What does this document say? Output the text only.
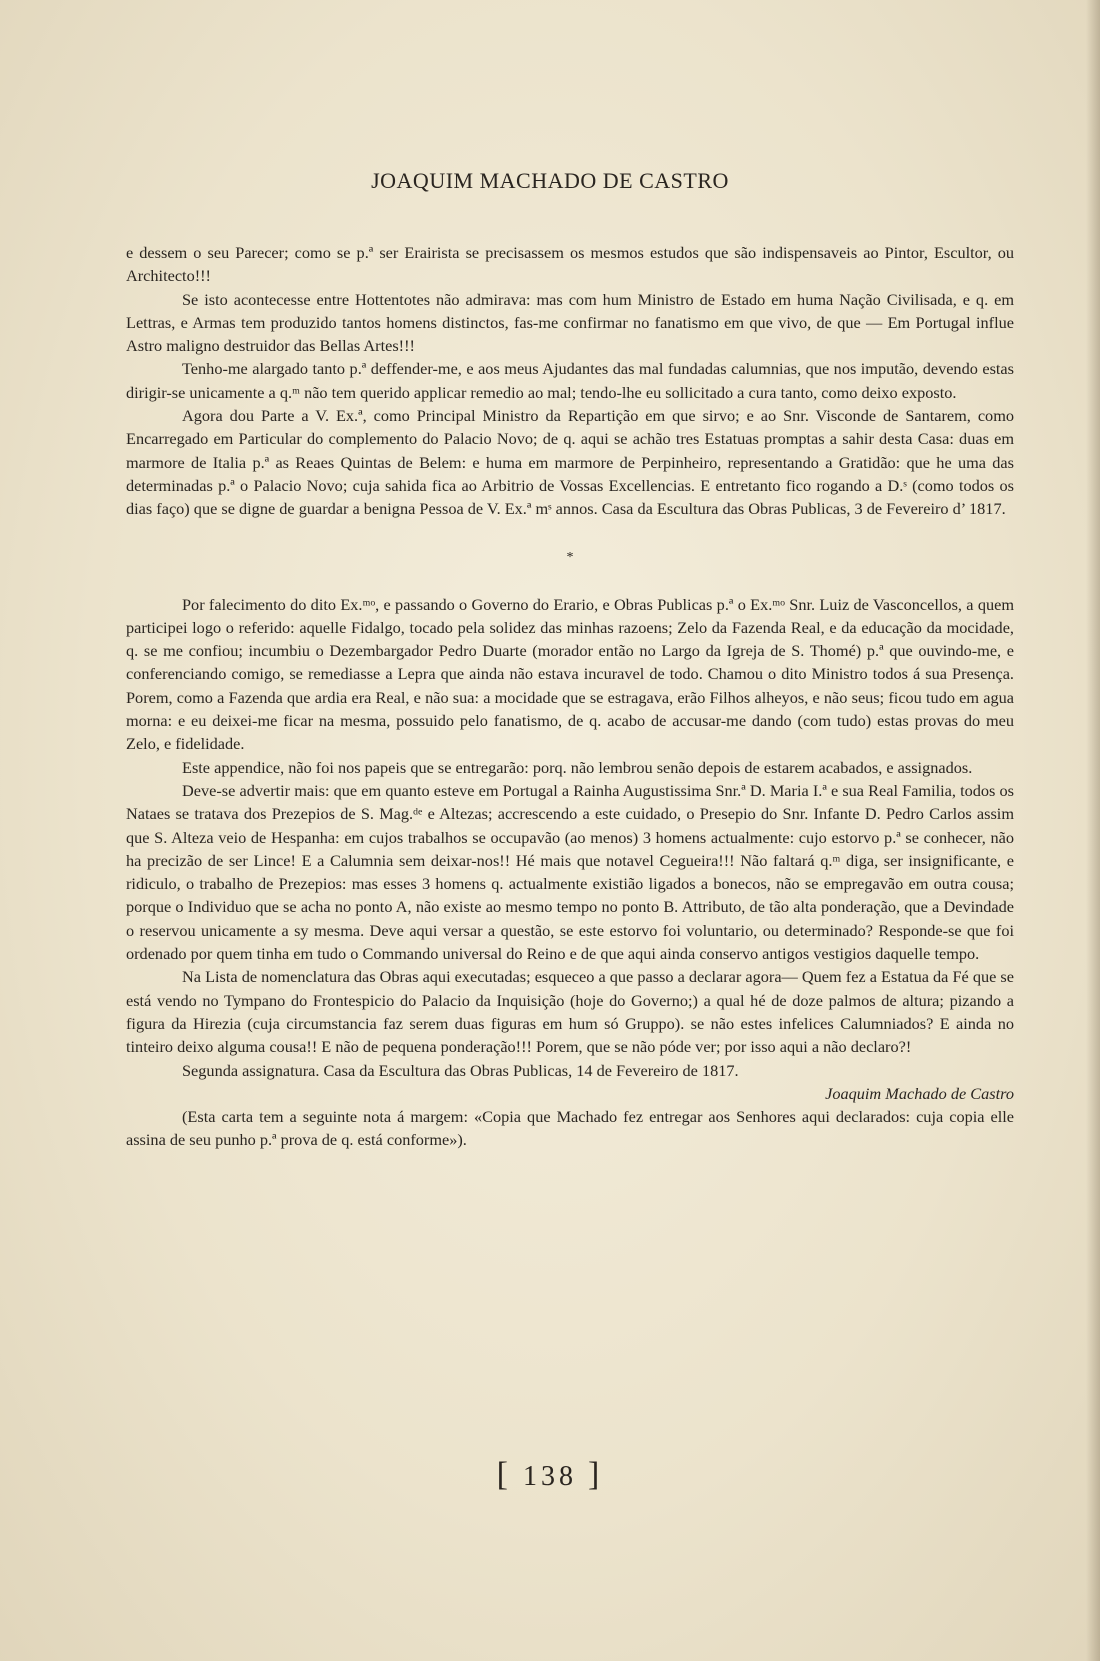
JOAQUIM MACHADO DE CASTRO

e dessem o seu Parecer; como se p.ª ser Erairista se precisassem os mesmos estudos que são indispensaveis ao Pintor, Escultor, ou Architecto!!!

Se isto acontecesse entre Hottentotes não admirava: mas com hum Ministro de Estado em huma Nação Civilisada, e q. em Lettras, e Armas tem produzido tantos homens distinctos, fas-me confirmar no fanatismo em que vivo, de que — Em Portugal influe Astro maligno destruidor das Bellas Artes!!!

Tenho-me alargado tanto p.ª deffender-me, e aos meus Ajudantes das mal fundadas calumnias, que nos imputão, devendo estas dirigir-se unicamente a q.ᵐ não tem querido applicar remedio ao mal; tendo-lhe eu sollicitado a cura tanto, como deixo exposto.

Agora dou Parte a V. Ex.ª, como Principal Ministro da Repartição em que sirvo; e ao Snr. Visconde de Santarem, como Encarregado em Particular do complemento do Palacio Novo; de q. aqui se achão tres Estatuas promptas a sahir desta Casa: duas em marmore de Italia p.ª as Reaes Quintas de Belem: e huma em marmore de Perpinheiro, representando a Gratidão: que he uma das determinadas p.ª o Palacio Novo; cuja sahida fica ao Arbitrio de Vossas Excellencias. E entretanto fico rogando a D.ˢ (como todos os dias faço) que se digne de guardar a benigna Pessoa de V. Ex.ª mˢ annos. Casa da Escultura das Obras Publicas, 3 de Fevereiro d’ 1817.

*

Por falecimento do dito Ex.ᵐᵒ, e passando o Governo do Erario, e Obras Publicas p.ª o Ex.ᵐᵒ Snr. Luiz de Vasconcellos, a quem participei logo o referido: aquelle Fidalgo, tocado pela solidez das minhas razoens; Zelo da Fazenda Real, e da educação da mocidade, q. se me confiou; incumbiu o Dezembargador Pedro Duarte (morador então no Largo da Igreja de S. Thomé) p.ª que ouvindo-me, e conferenciando comigo, se remediasse a Lepra que ainda não estava incuravel de todo. Chamou o dito Ministro todos á sua Presença. Porem, como a Fazenda que ardia era Real, e não sua: a mocidade que se estragava, erão Filhos alheyos, e não seus; ficou tudo em agua morna: e eu deixei-me ficar na mesma, possuido pelo fanatismo, de q. acabo de accusar-me dando (com tudo) estas provas do meu Zelo, e fidelidade.

Este appendice, não foi nos papeis que se entregarão: porq. não lembrou senão depois de estarem acabados, e assignados.

Deve-se advertir mais: que em quanto esteve em Portugal a Rainha Augustissima Snr.ª D. Maria I.ª e sua Real Familia, todos os Nataes se tratava dos Prezepios de S. Mag.ᵈᵉ e Altezas; accrescendo a este cuidado, o Presepio do Snr. Infante D. Pedro Carlos assim que S. Alteza veio de Hespanha: em cujos trabalhos se occupavão (ao menos) 3 homens actualmente: cujo estorvo p.ª se conhecer, não ha precizão de ser Lince! E a Calumnia sem deixar-nos!! Hé mais que notavel Cegueira!!! Não faltará q.ᵐ diga, ser insignificante, e ridiculo, o trabalho de Prezepios: mas esses 3 homens q. actualmente existião ligados a bonecos, não se empregavão em outra cousa; porque o Individuo que se acha no ponto A, não existe ao mesmo tempo no ponto B. Attributo, de tão alta ponderação, que a Devindade o reservou unicamente a sy mesma. Deve aqui versar a questão, se este estorvo foi voluntario, ou determinado? Responde-se que foi ordenado por quem tinha em tudo o Commando universal do Reino e de que aqui ainda conservo antigos vestigios daquelle tempo.

Na Lista de nomenclatura das Obras aqui executadas; esqueceo a que passo a declarar agora— Quem fez a Estatua da Fé que se está vendo no Tympano do Frontespicio do Palacio da Inquisição (hoje do Governo;) a qual hé de doze palmos de altura; pizando a figura da Hirezia (cuja circumstancia faz serem duas figuras em hum só Gruppo). se não estes infelices Calumniados? E ainda no tinteiro deixo alguma cousa!! E não de pequena ponderação!!! Porem, que se não póde ver; por isso aqui a não declaro?!

Segunda assignatura. Casa da Escultura das Obras Publicas, 14 de Fevereiro de 1817.

Joaquim Machado de Castro

(Esta carta tem a seguinte nota á margem: «Copia que Machado fez entregar aos Senhores aqui declarados: cuja copia elle assina de seu punho p.ª prova de q. está conforme»).

[ 138 ]
